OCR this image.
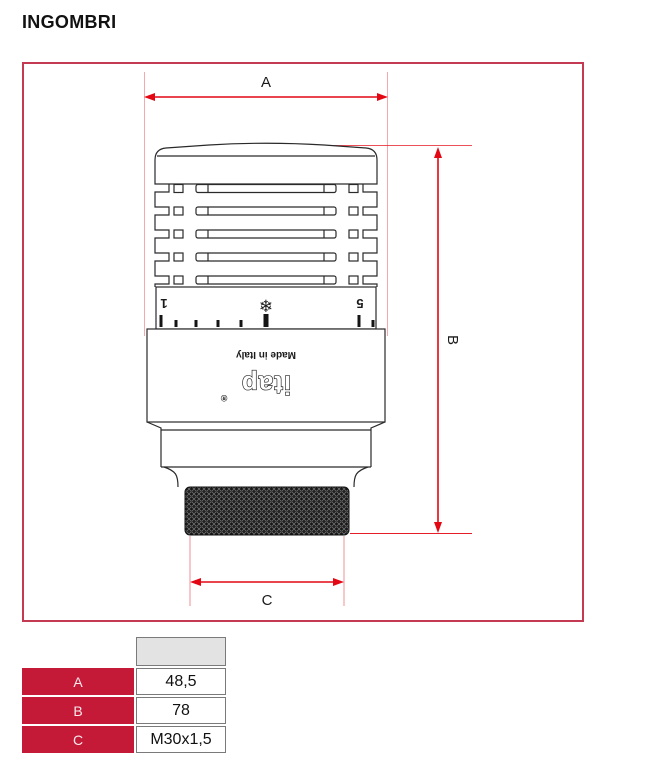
INGOMBRI
A
B
C
1	❄	5
Made in Italy
itap
®
A	48,5
B	78
C	M30x1,5
